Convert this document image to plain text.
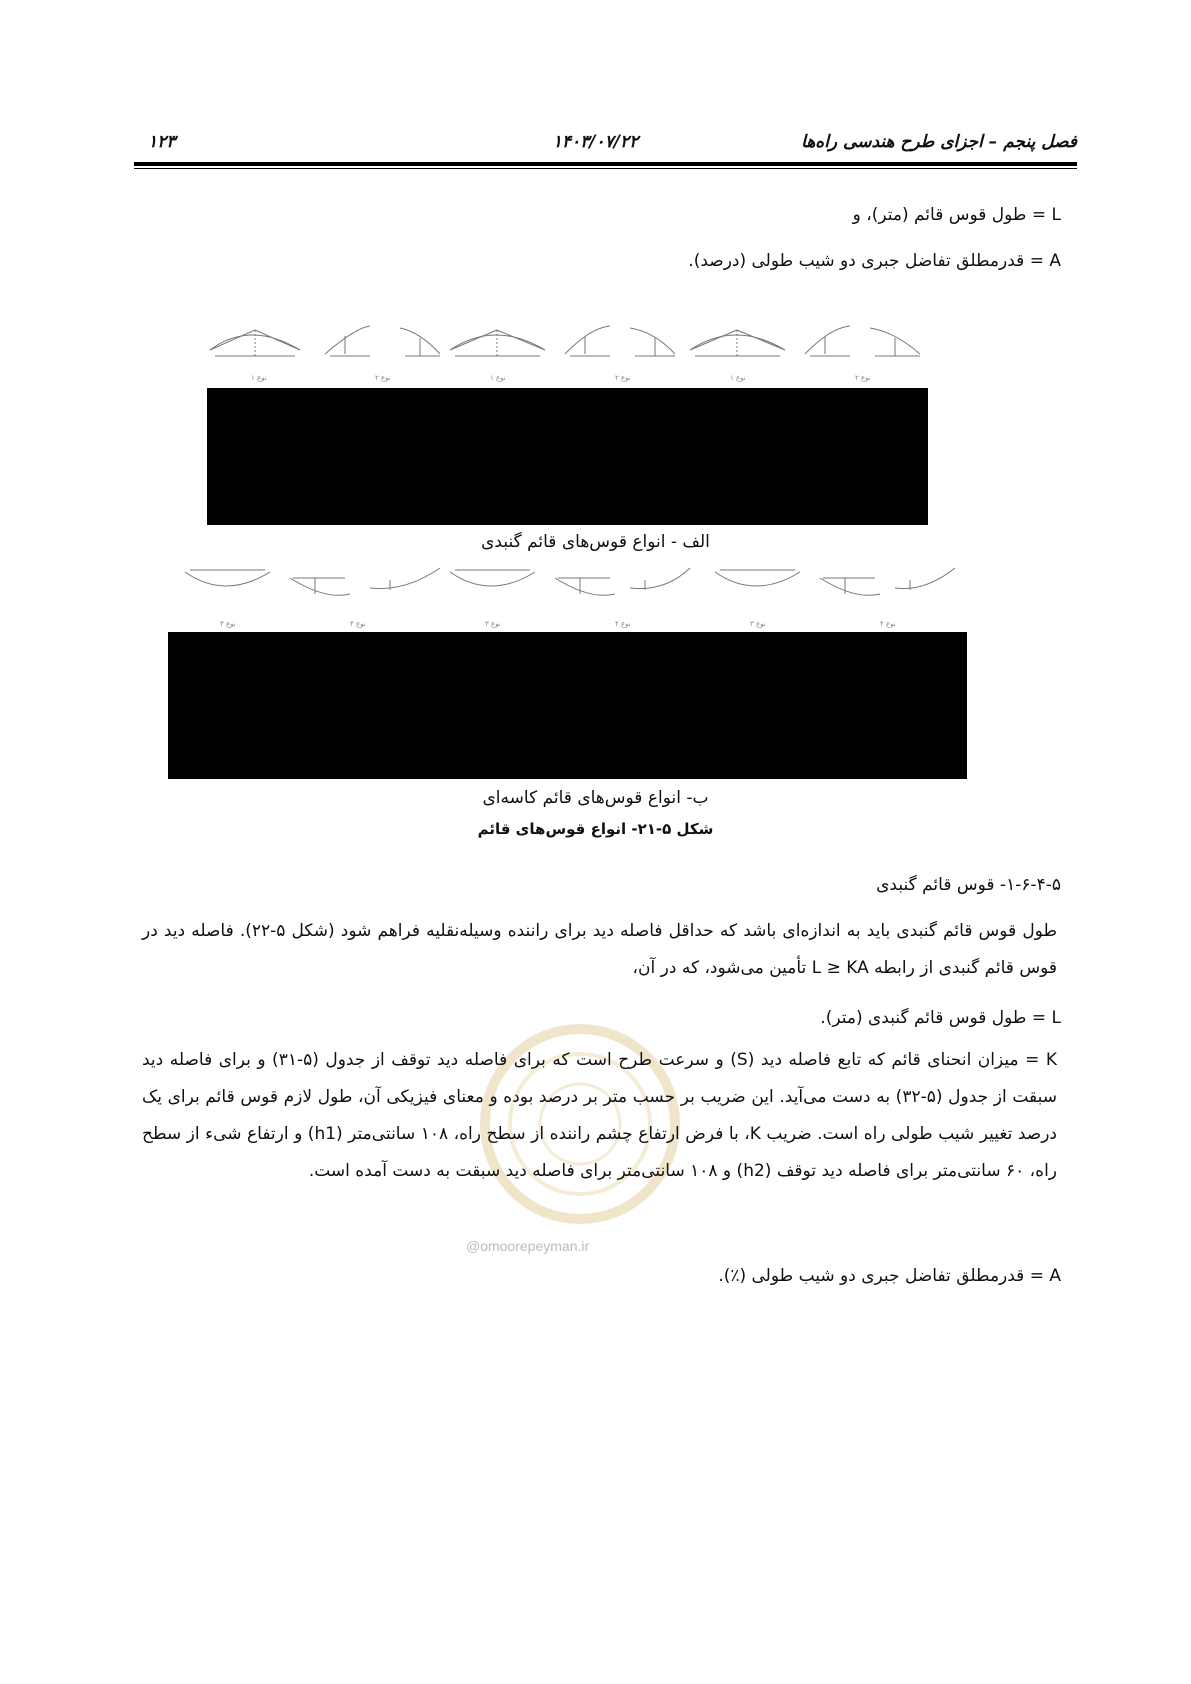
فصل پنجم – اجزای طرح هندسی راه‌ها
۱۴۰۳/۰۷/۲۲
۱۲۳
L = طول قوس قائم (متر)، و
A = قدرمطلق تفاضل جبری دو شیب طولی (درصد).
نوع ۱	نوع ۲	نوع ۱	نوع ۲	نوع ۱	نوع ۲
الف - انواع قوس‌های قائم گنبدی
نوع ۳	نوع ۴	نوع ۳	نوع ۴	نوع ۳	نوع ۴
ب- انواع قوس‌های قائم کاسه‌ای
شکل ۵-۲۱- انواع قوس‌های قائم
@omoorepeyman.ir
۱-۶-۴-۵- قوس قائم گنبدی
طول قوس قائم گنبدی باید به اندازه‌ای باشد که حداقل فاصله دید برای راننده وسیله‌نقلیه فراهم شود (شکل ۵-۲۲). فاصله دید در قوس قائم گنبدی از رابطه L ≥ KA تأمین می‌شود، که در آن،
L = طول قوس قائم گنبدی (متر).
K = میزان انحنای قائم که تابع فاصله دید (S) و سرعت طرح است که برای فاصله دید توقف از جدول (۵-۳۱) و برای فاصله دید سبقت از جدول (۵-۳۲) به دست می‌آید. این ضریب بر حسب متر بر درصد بوده و معنای فیزیکی آن، طول لازم قوس قائم برای یک درصد تغییر شیب طولی راه است. ضریب K، با فرض ارتفاع چشم راننده از سطح راه، ۱۰۸ سانتی‌متر (h1) و ارتفاع شیء از سطح راه، ۶۰ سانتی‌متر برای فاصله دید توقف (h2) و ۱۰۸ سانتی‌متر برای فاصله دید سبقت به دست آمده است.
A = قدرمطلق تفاضل جبری دو شیب طولی (٪).
